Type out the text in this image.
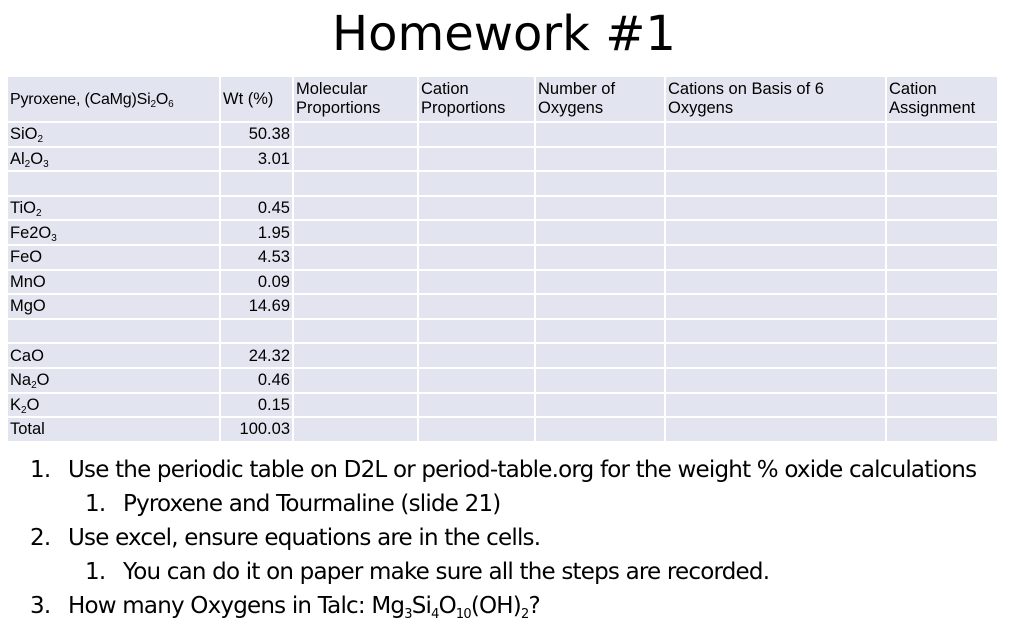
Homework #1
Pyroxene, $(CaMg)Si_2O_6$	Wt (%)	Molecular Proportions	Cation Proportions	Number of Oxygens	Cations on Basis of 6 Oxygens	Cation Assignment
SiO$_2$	50.38					
$Al_2O_3$	3.01					

TiO$_2$	0.45					
$Fe2O_3$	1.95					
FeO	4.53					
MnO	0.09					
MgO	14.69					

CaO	24.32					
$Na_2O$	0.46					
$K_2O$	0.15					
Total	100.03					
1. Use the periodic table on D2L or period-table.org for the weight % oxide calculations
1. Pyroxene and Tourmaline (slide 21)
2. Use excel, ensure equations are in the cells.
1. You can do it on paper make sure all the steps are recorded.
3. How many Oxygens in Talc: $Mg_3Si_4O_{10}(OH)_2$?
